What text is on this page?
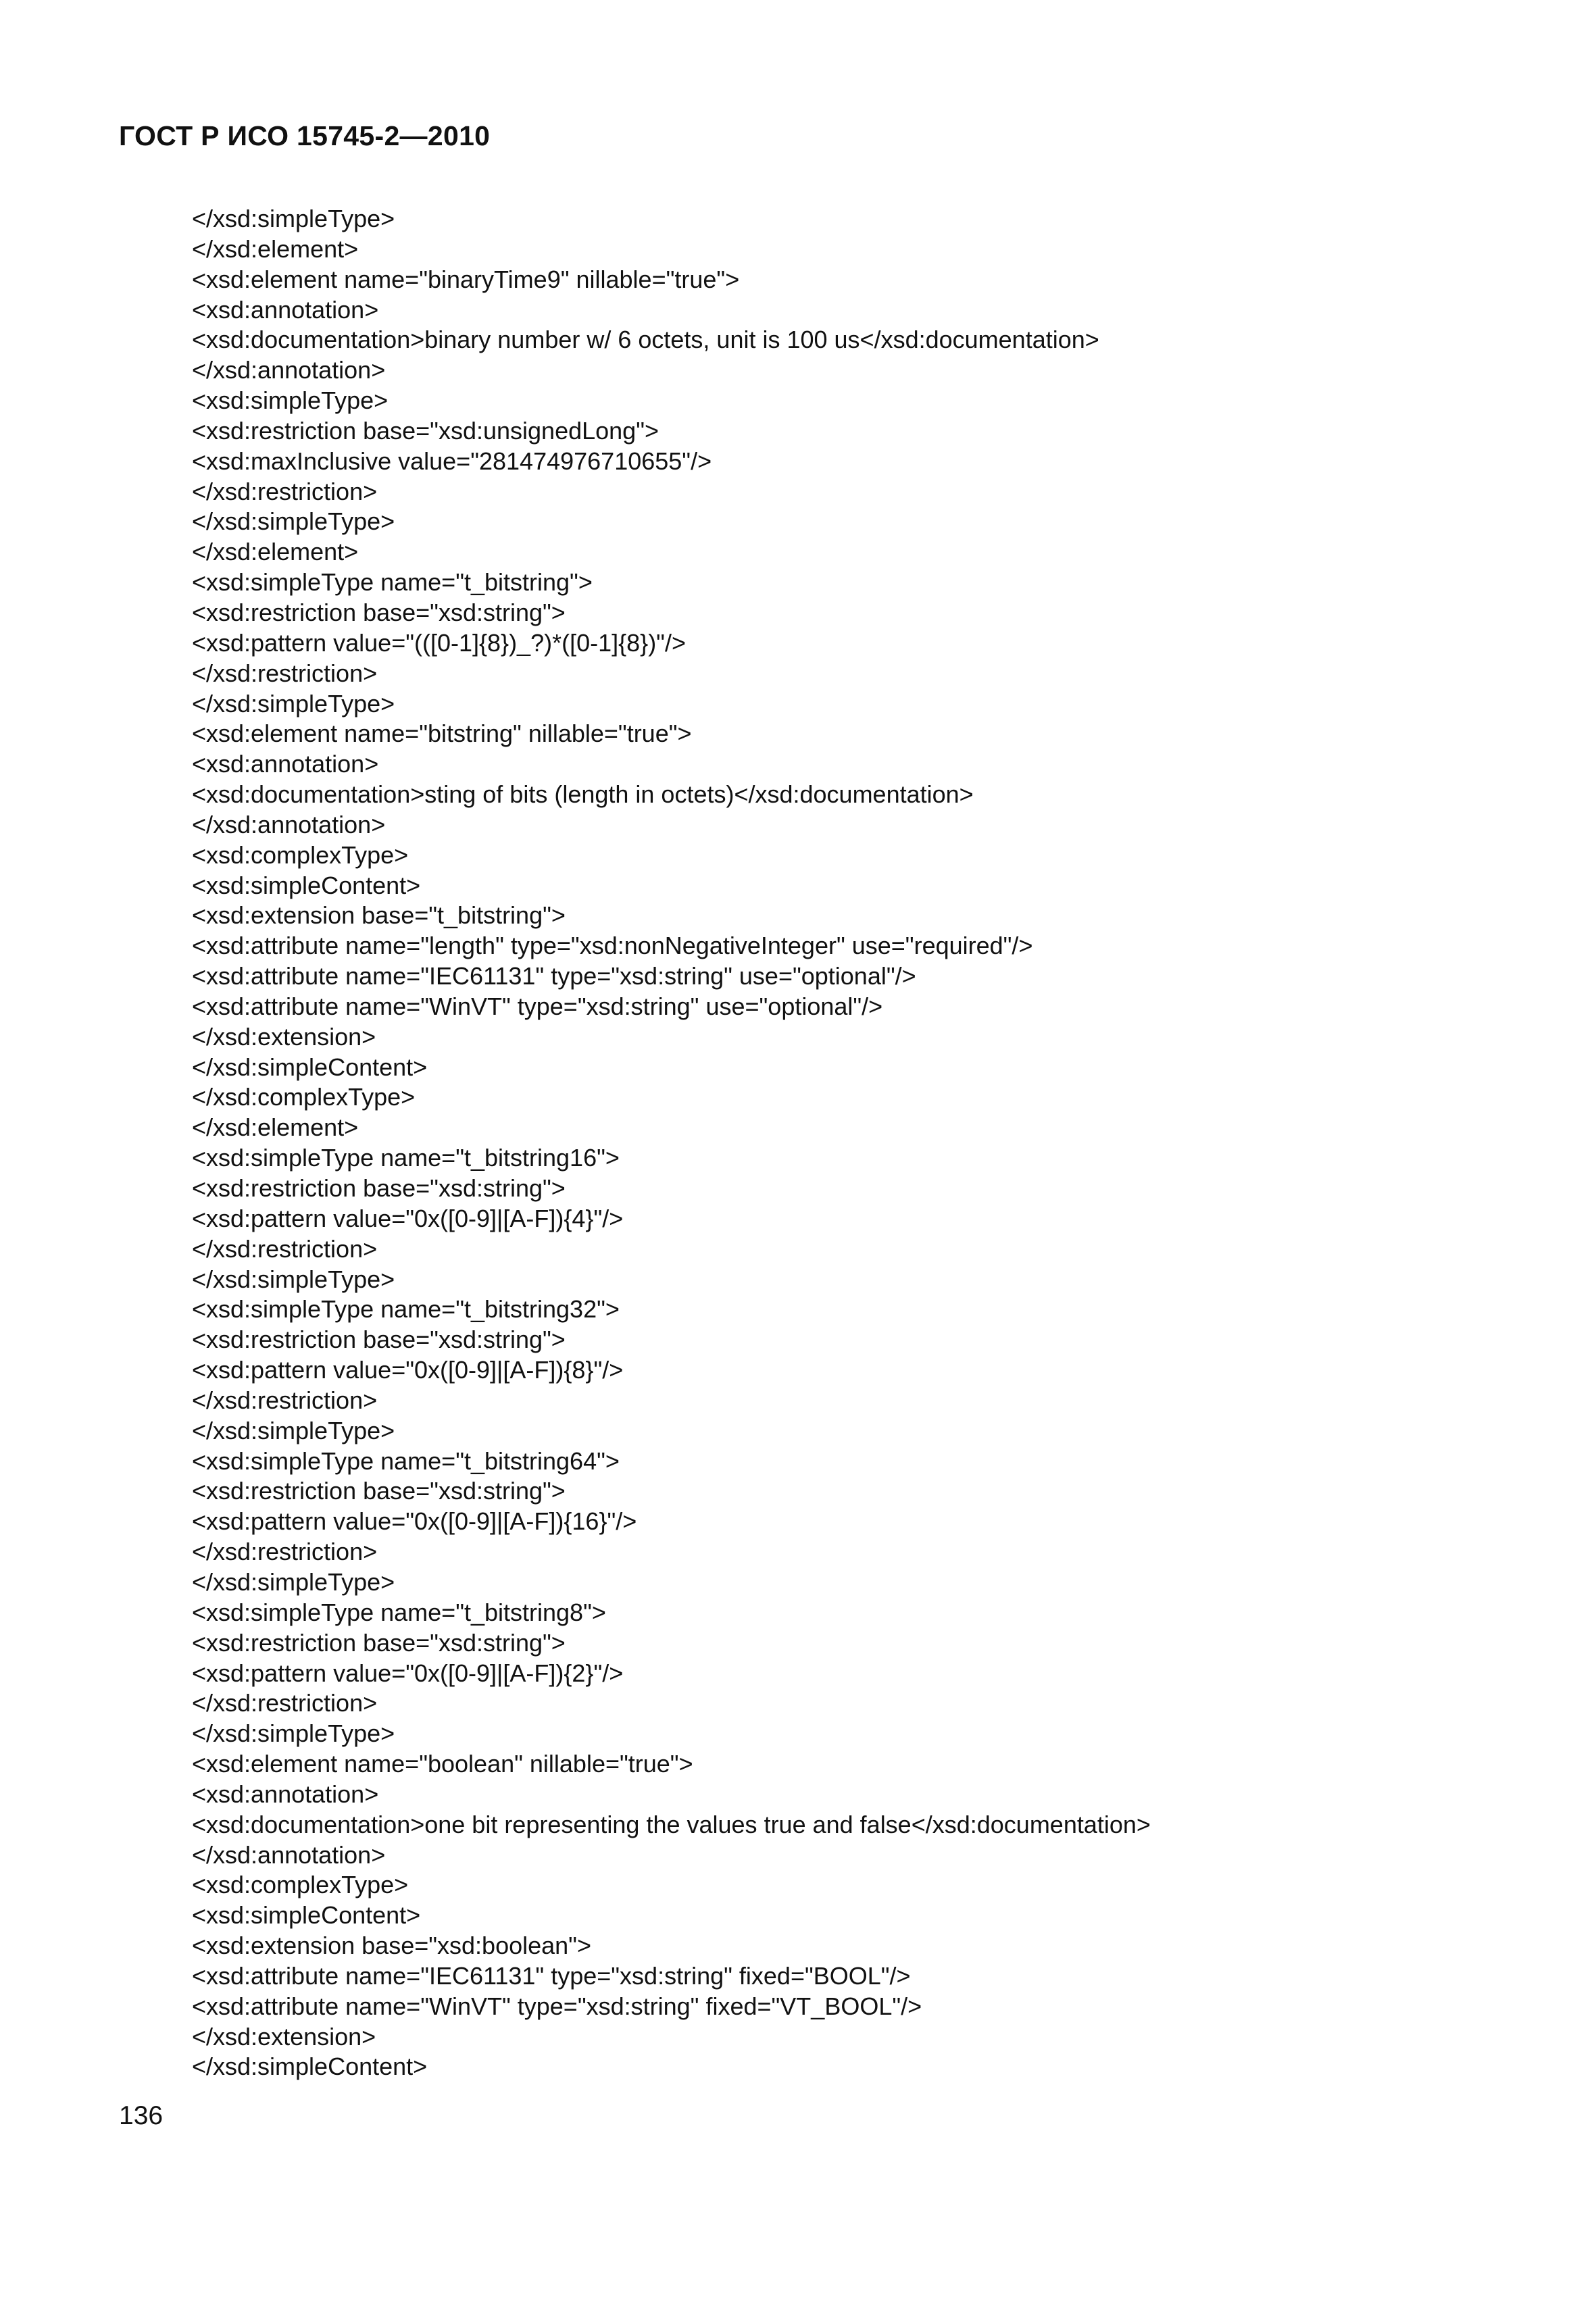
ГОСТ Р ИСО 15745-2—2010
</xsd:simpleType>
</xsd:element>
<xsd:element name="binaryTime9" nillable="true">
<xsd:annotation>
<xsd:documentation>binary number w/ 6 octets, unit is 100 us</xsd:documentation>
</xsd:annotation>
<xsd:simpleType>
<xsd:restriction base="xsd:unsignedLong">
<xsd:maxInclusive value="281474976710655"/>
</xsd:restriction>
</xsd:simpleType>
</xsd:element>
<xsd:simpleType name="t_bitstring">
<xsd:restriction base="xsd:string">
<xsd:pattern value="(([0-1]{8})_?)*([0-1]{8})"/>
</xsd:restriction>
</xsd:simpleType>
<xsd:element name="bitstring" nillable="true">
<xsd:annotation>
<xsd:documentation>sting of bits (length in octets)</xsd:documentation>
</xsd:annotation>
<xsd:complexType>
<xsd:simpleContent>
<xsd:extension base="t_bitstring">
<xsd:attribute name="length" type="xsd:nonNegativeInteger" use="required"/>
<xsd:attribute name="IEC61131" type="xsd:string" use="optional"/>
<xsd:attribute name="WinVT" type="xsd:string" use="optional"/>
</xsd:extension>
</xsd:simpleContent>
</xsd:complexType>
</xsd:element>
<xsd:simpleType name="t_bitstring16">
<xsd:restriction base="xsd:string">
<xsd:pattern value="0x([0-9]|[A-F]){4}"/>
</xsd:restriction>
</xsd:simpleType>
<xsd:simpleType name="t_bitstring32">
<xsd:restriction base="xsd:string">
<xsd:pattern value="0x([0-9]|[A-F]){8}"/>
</xsd:restriction>
</xsd:simpleType>
<xsd:simpleType name="t_bitstring64">
<xsd:restriction base="xsd:string">
<xsd:pattern value="0x([0-9]|[A-F]){16}"/>
</xsd:restriction>
</xsd:simpleType>
<xsd:simpleType name="t_bitstring8">
<xsd:restriction base="xsd:string">
<xsd:pattern value="0x([0-9]|[A-F]){2}"/>
</xsd:restriction>
</xsd:simpleType>
<xsd:element name="boolean" nillable="true">
<xsd:annotation>
<xsd:documentation>one bit representing the values true and false</xsd:documentation>
</xsd:annotation>
<xsd:complexType>
<xsd:simpleContent>
<xsd:extension base="xsd:boolean">
<xsd:attribute name="IEC61131" type="xsd:string" fixed="BOOL"/>
<xsd:attribute name="WinVT" type="xsd:string" fixed="VT_BOOL"/>
</xsd:extension>
</xsd:simpleContent>
136
